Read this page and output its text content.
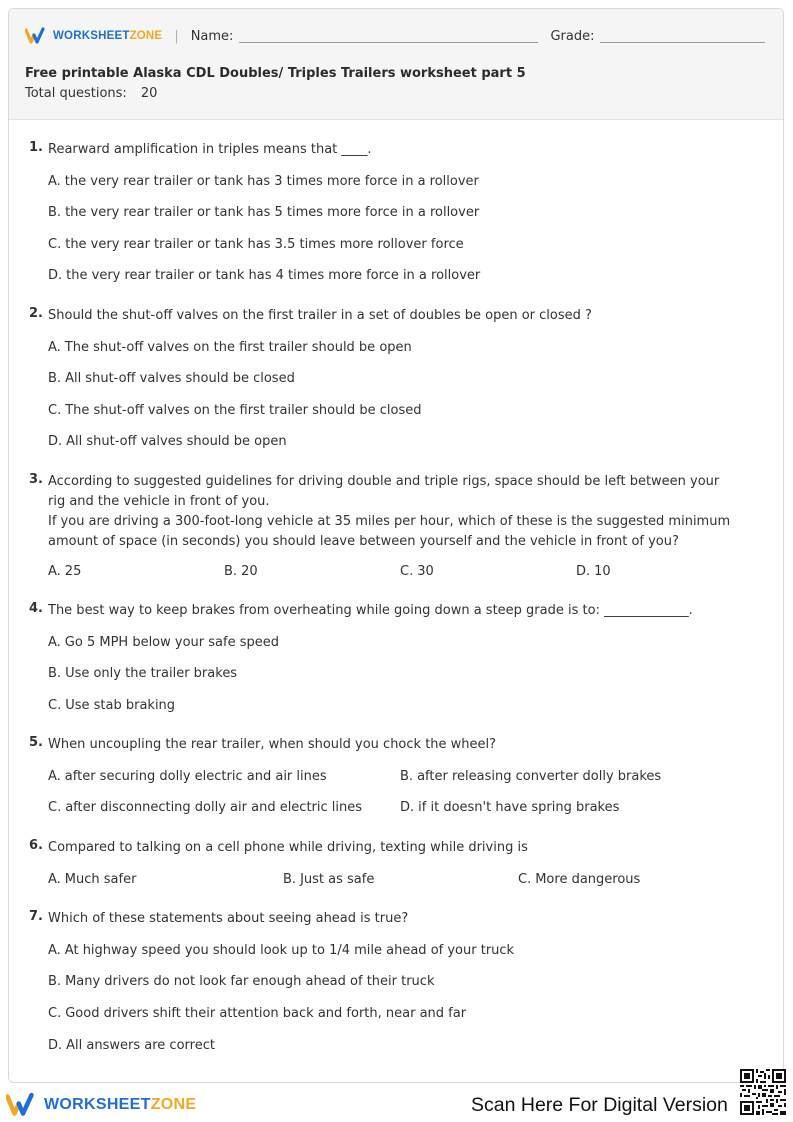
WORKSHEETZONE | Name:	Grade:
Free printable Alaska CDL Doubles/ Triples Trailers worksheet part 5
Total questions: 20
1. Rearward amplification in triples means that ____.

A. the very rear trailer or tank has 3 times more force in a rollover
B. the very rear trailer or tank has 5 times more force in a rollover
C. the very rear trailer or tank has 3.5 times more rollover force
D. the very rear trailer or tank has 4 times more force in a rollover
2. Should the shut-off valves on the first trailer in a set of doubles be open or closed ?

A. The shut-off valves on the first trailer should be open
B. All shut-off valves should be closed
C. The shut-off valves on the first trailer should be closed
D. All shut-off valves should be open
3. According to suggested guidelines for driving double and triple rigs, space should be left between your rig and the vehicle in front of you.

If you are driving a 300-foot-long vehicle at 35 miles per hour, which of these is the suggested minimum amount of space (in seconds) you should leave between yourself and the vehicle in front of you?

A. 25	B. 20	C. 30	D. 10
4. The best way to keep brakes from overheating while going down a steep grade is to: _____________.

A. Go 5 MPH below your safe speed
B. Use only the trailer brakes
C. Use stab braking
5. When uncoupling the rear trailer, when should you chock the wheel?

A. after securing dolly electric and air lines	B. after releasing converter dolly brakes
C. after disconnecting dolly air and electric lines	D. if it doesn't have spring brakes
6. Compared to talking on a cell phone while driving, texting while driving is

A. Much safer	B. Just as safe	C. More dangerous
7. Which of these statements about seeing ahead is true?

A. At highway speed you should look up to 1/4 mile ahead of your truck
B. Many drivers do not look far enough ahead of their truck
C. Good drivers shift their attention back and forth, near and far
D. All answers are correct
WORKSHEETZONE	Scan Here For Digital Version
